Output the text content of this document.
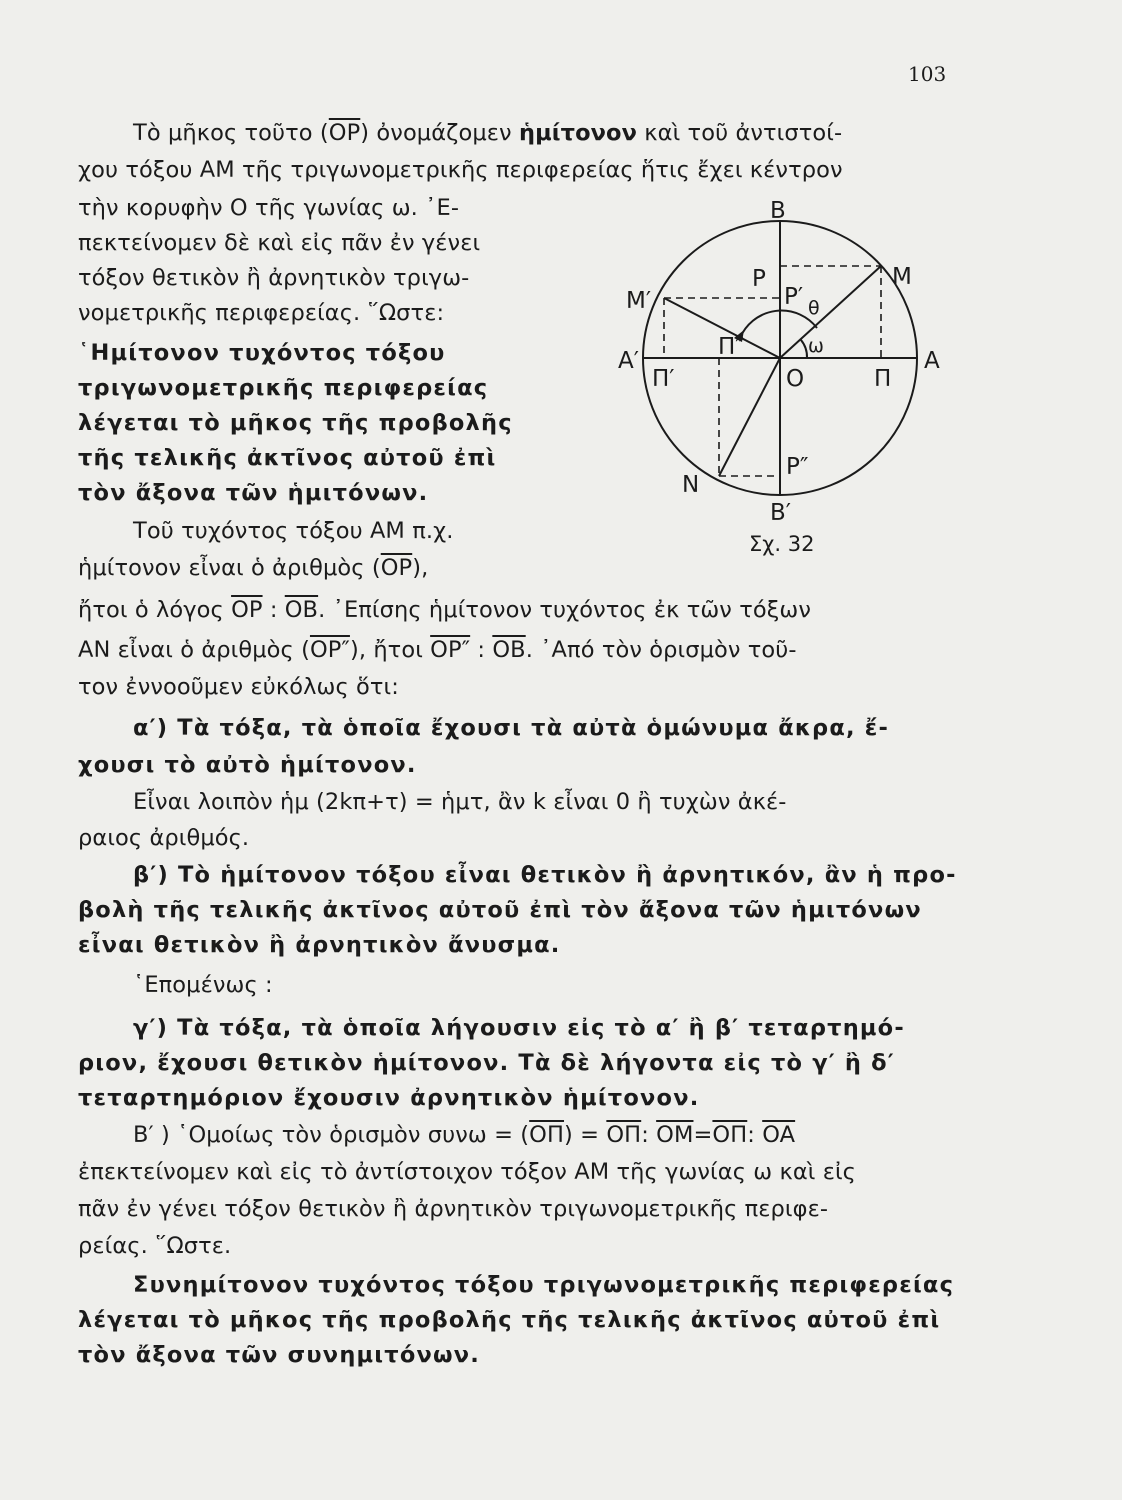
103
Τὸ μῆκος τοῦτο $(\overline{OP})$ ὀνομάζομεν ἡμίτονον καὶ τοῦ ἀντιστοί-
χου τόξου ΑΜ τῆς τριγωνομετρικῆς περιφερείας ἥτις ἔχει κέντρον
τὴν κορυφὴν Ο τῆς γωνίας ω. ᾿Ε-
πεκτείνομεν δὲ καὶ εἰς πᾶν ἐν γένει
τόξον θετικὸν ἢ ἀρνητικὸν τριγω-
νομετρικῆς περιφερείας. ῞Ωστε:
῾Ημίτονον τυχόντος τόξου
τριγωνομετρικῆς περιφερείας
λέγεται τὸ μῆκος τῆς προβολῆς
τῆς τελικῆς ἀκτῖνος αὐτοῦ ἐπὶ
τὸν ἄξονα τῶν ἡμιτόνων.
Τοῦ τυχόντος τόξου ΑΜ π.χ.
ἡμίτονον εἶναι ὁ ἀριθμὸς $(\overline{OP})$,
ἤτοι ὁ λόγος $\overline{OP}$ : $\overline{OB}$. ᾿Επίσης ἡμίτονον τυχόντος ἐκ τῶν τόξων
ΑΝ εἶναι ὁ ἀριθμὸς (OP″), ἤτοι OP″ : $\overline{OB}$. ᾿Από τὸν ὁρισμὸν τοῦ-
τον ἐννοοῦμεν εὐκόλως ὅτι:
α′) Τὰ τόξα, τὰ ὁποῖα ἔχουσι τὰ αὐτὰ ὁμώνυμα ἄκρα, ἔ-
χουσι τὸ αὐτὸ ἡμίτονον.
Εἶναι λοιπὸν ἡμ (2kπ+τ) = ἡμτ, ἂν k εἶναι 0 ἢ τυχὼν ἀκέ-
ραιος ἀριθμός.
β′) Τὸ ἡμίτονον τόξου εἶναι θετικὸν ἢ ἀρνητικόν, ἂν ἡ προ-
βολὴ τῆς τελικῆς ἀκτῖνος αὐτοῦ ἐπὶ τὸν ἄξονα τῶν ἡμιτόνων
εἶναι θετικὸν ἢ ἀρνητικὸν ἄνυσμα.
῾Επομένως :
γ′) Τὰ τόξα, τὰ ὁποῖα λήγουσιν εἰς τὸ α′ ἢ β′ τεταρτημό-
ριον, ἔχουσι θετικὸν ἡμίτονον. Τὰ δὲ λήγοντα εἰς τὸ γ′ ἢ δ′
τεταρτημόριον ἔχουσιν ἀρνητικὸν ἡμίτονον.
Β′ ) ῾Ομοίως τὸν ὁρισμὸν $\sigma\upsilon\nu\omega = (\overline{O\Pi}) = \overline{O\Pi}$: $\overline{OM}=\overline{O\Pi}$: $\overline{OA}$
ἐπεκτείνομεν καὶ εἰς τὸ ἀντίστοιχον τόξον ΑΜ τῆς γωνίας ω καὶ εἰς
πᾶν ἐν γένει τόξον θετικὸν ἢ ἀρνητικὸν τριγωνομετρικῆς περιφε-
ρείας. ῞Ωστε.
Συνημίτονον τυχόντος τόξου τριγωνομετρικῆς περιφερείας
λέγεται τὸ μῆκος τῆς προβολῆς τῆς τελικῆς ἀκτῖνος αὐτοῦ ἐπὶ
τὸν ἄξονα τῶν συνημιτόνων.
Β
Β′
Α
Α′
Μ
Μ′
Ν
Ο
Ρ
Ρ′
Ρ″
Π
Π′
Π″
θ
ω
Σχ. 32
